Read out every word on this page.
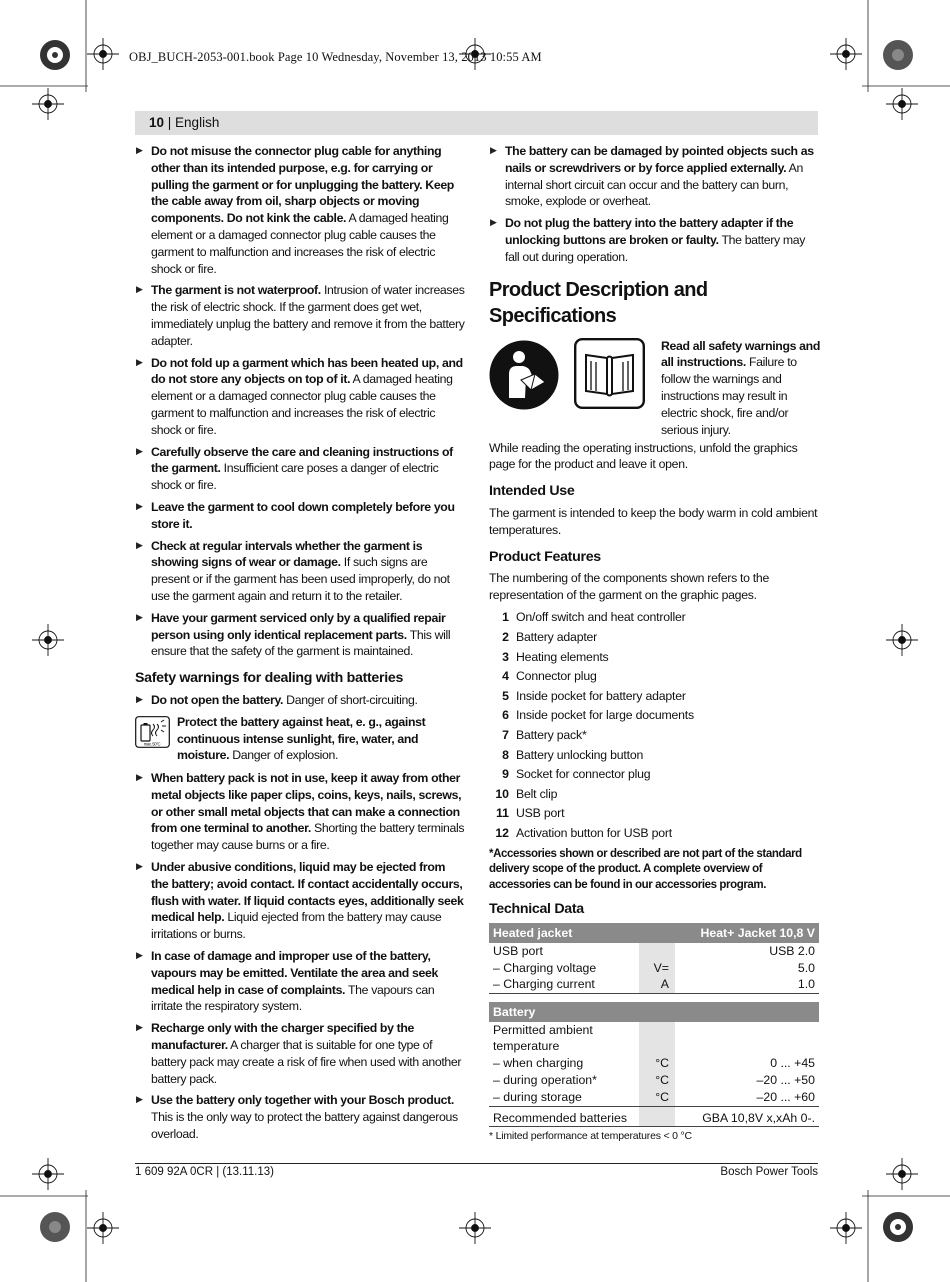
OBJ_BUCH-2053-001.book Page 10 Wednesday, November 13, 2013 10:55 AM
10 | English
▶ Do not misuse the connector plug cable for anything other than its intended purpose, e.g. for carrying or pulling the garment or for unplugging the battery. Keep the cable away from oil, sharp objects or moving components. Do not kink the cable. A damaged heating element or a damaged connector plug cable causes the garment to malfunction and increases the risk of electric shock or fire.
▶ The garment is not waterproof. Intrusion of water increases the risk of electric shock. If the garment does get wet, immediately unplug the battery and remove it from the battery adapter.
▶ Do not fold up a garment which has been heated up, and do not store any objects on top of it. A damaged heating element or a damaged connector plug cable causes the garment to malfunction and increases the risk of electric shock or fire.
▶ Carefully observe the care and cleaning instructions of the garment. Insufficient care poses a danger of electric shock or fire.
▶ Leave the garment to cool down completely before you store it.
▶ Check at regular intervals whether the garment is showing signs of wear or damage. If such signs are present or if the garment has been used improperly, do not use the garment again and return it to the retailer.
▶ Have your garment serviced only by a qualified repair person using only identical replacement parts. This will ensure that the safety of the garment is maintained.
Safety warnings for dealing with batteries
▶ Do not open the battery. Danger of short-circuiting.
max. 50°C
Protect the battery against heat, e. g., against continuous intense sunlight, fire, water, and moisture. Danger of explosion.
▶ When battery pack is not in use, keep it away from other metal objects like paper clips, coins, keys, nails, screws, or other small metal objects that can make a connection from one terminal to another. Shorting the battery terminals together may cause burns or a fire.
▶ Under abusive conditions, liquid may be ejected from the battery; avoid contact. If contact accidentally occurs, flush with water. If liquid contacts eyes, additionally seek medical help. Liquid ejected from the battery may cause irritations or burns.
▶ In case of damage and improper use of the battery, vapours may be emitted. Ventilate the area and seek medical help in case of complaints. The vapours can irritate the respiratory system.
▶ Recharge only with the charger specified by the manufacturer. A charger that is suitable for one type of battery pack may create a risk of fire when used with another battery pack.
▶ Use the battery only together with your Bosch product. This is the only way to protect the battery against dangerous overload.
▶ The battery can be damaged by pointed objects such as nails or screwdrivers or by force applied externally. An internal short circuit can occur and the battery can burn, smoke, explode or overheat.
▶ Do not plug the battery into the battery adapter if the unlocking buttons are broken or faulty. The battery may fall out during operation.
Product Description and Specifications
Read all safety warnings and all instructions. Failure to follow the warnings and instructions may result in electric shock, fire and/or serious injury.
While reading the operating instructions, unfold the graphics page for the product and leave it open.
Intended Use
The garment is intended to keep the body warm in cold ambient temperatures.
Product Features
The numbering of the components shown refers to the representation of the garment on the graphic pages.
1 On/off switch and heat controller
2 Battery adapter
3 Heating elements
4 Connector plug
5 Inside pocket for battery adapter
6 Inside pocket for large documents
7 Battery pack*
8 Battery unlocking button
9 Socket for connector plug
10 Belt clip
11 USB port
12 Activation button for USB port
*Accessories shown or described are not part of the standard delivery scope of the product. A complete overview of accessories can be found in our accessories program.
Technical Data
Heated jacket		Heat+ Jacket 10,8 V
USB port		USB 2.0
– Charging voltage	V=	5.0
– Charging current	A	1.0

Battery		
Permitted ambient temperature		
– when charging	°C	0 ... +45
– during operation*	°C	–20 ... +50
– during storage	°C	–20 ... +60
Recommended batteries		GBA 10,8V x,xAh 0-.
* Limited performance at temperatures < 0 °C
1 609 92A 0CR | (13.11.13)	Bosch Power Tools
